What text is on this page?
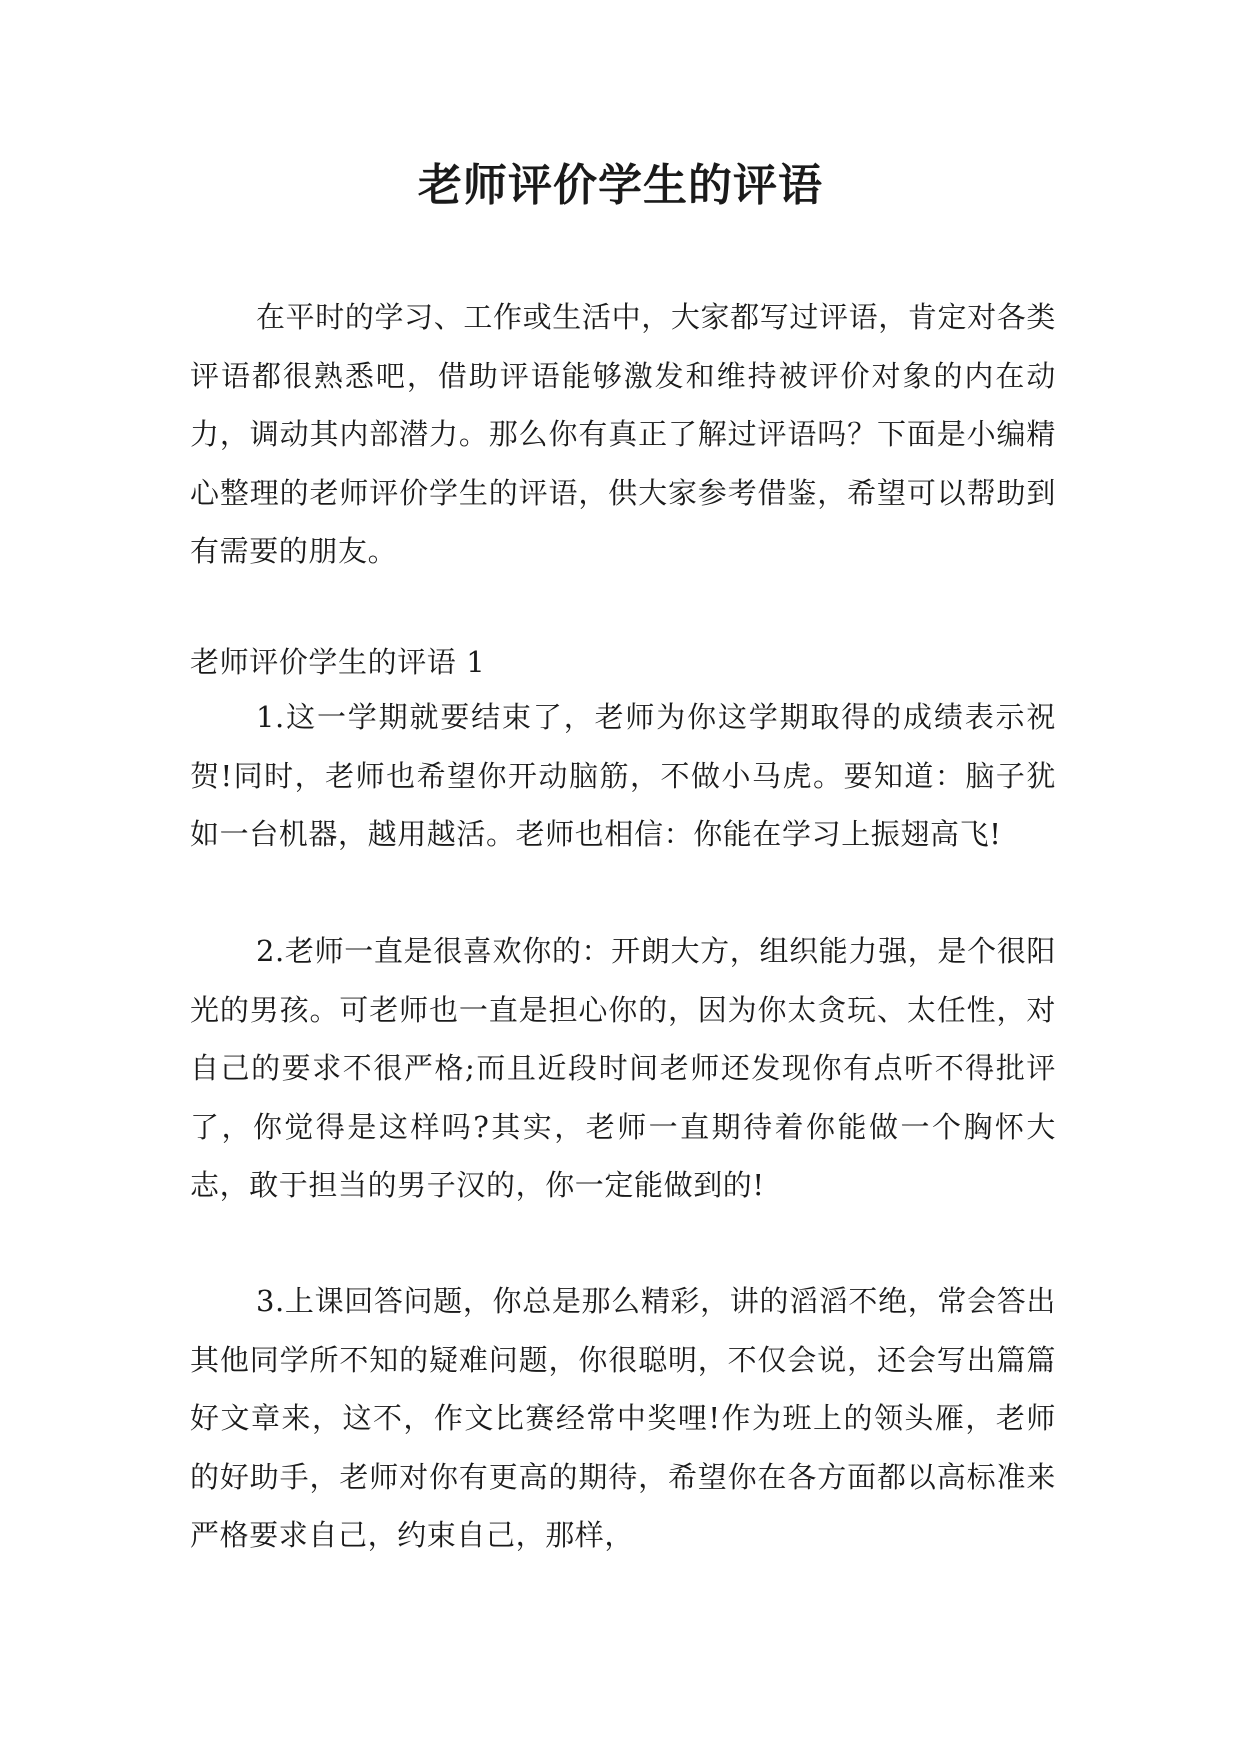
老师评价学生的评语

在平时的学习、工作或生活中，大家都写过评语，肯定对各类评语都很熟悉吧，借助评语能够激发和维持被评价对象的内在动力，调动其内部潜力。那么你有真正了解过评语吗？下面是小编精心整理的老师评价学生的评语，供大家参考借鉴，希望可以帮助到有需要的朋友。

老师评价学生的评语 1

1.这一学期就要结束了，老师为你这学期取得的成绩表示祝贺!同时，老师也希望你开动脑筋，不做小马虎。要知道：脑子犹如一台机器，越用越活。老师也相信：你能在学习上振翅高飞!

2.老师一直是很喜欢你的：开朗大方，组织能力强，是个很阳光的男孩。可老师也一直是担心你的，因为你太贪玩、太任性，对自己的要求不很严格;而且近段时间老师还发现你有点听不得批评了，你觉得是这样吗?其实，老师一直期待着你能做一个胸怀大志，敢于担当的男子汉的，你一定能做到的!

3.上课回答问题，你总是那么精彩，讲的滔滔不绝，常会答出其他同学所不知的疑难问题，你很聪明，不仅会说，还会写出篇篇好文章来，这不，作文比赛经常中奖哩!作为班上的领头雁，老师的好助手，老师对你有更高的期待，希望你在各方面都以高标准来严格要求自己，约束自己，那样，
